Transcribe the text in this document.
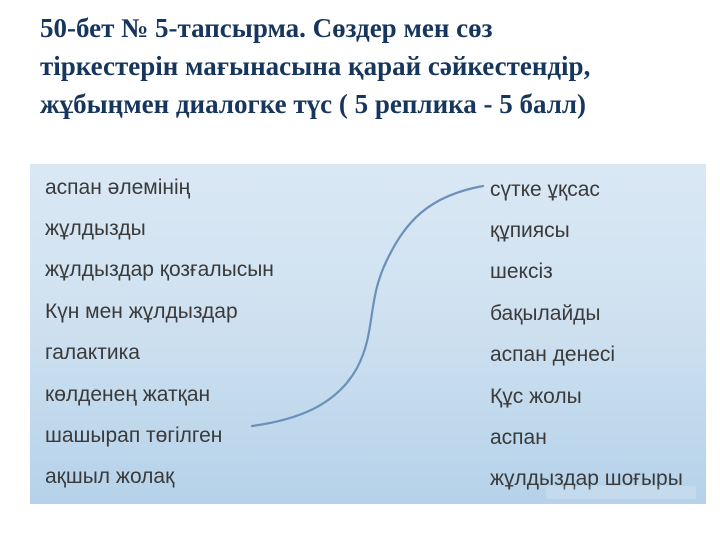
50-бет № 5-тапсырма. Сөздер мен сөз
тіркестерін мағынасына қарай сәйкестендір,
жұбыңмен диалогке түс ( 5 реплика - 5 балл)
аспан әлемінің
жұлдызды
жұлдыздар қозғалысын
Күн мен жұлдыздар
галактика
көлденең жатқан
шашырап төгілген
ақшыл жолақ
сүтке ұқсас
құпиясы
шексіз
бақылайды
аспан денесі
Құс жолы
аспан
жұлдыздар шоғыры
